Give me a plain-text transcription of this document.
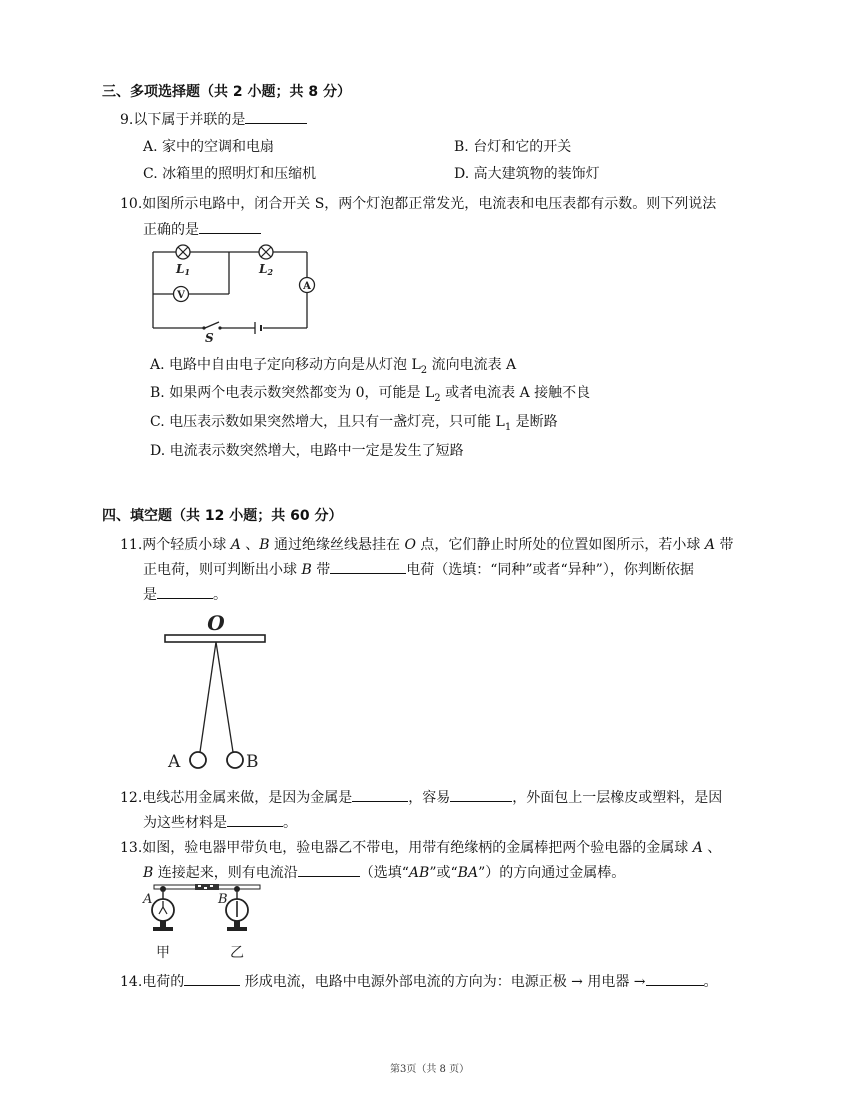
三、多项选择题（共 2 小题；共 8 分）
9.以下属于并联的是
A. 家中的空调和电扇	B. 台灯和它的开关
C. 冰箱里的照明灯和压缩机	D. 高大建筑物的装饰灯
10.如图所示电路中，闭合开关 S，两个灯泡都正常发光，电流表和电压表都有示数。则下列说法
正确的是
V
A
L1	L2
S
A. 电路中自由电子定向移动方向是从灯泡 $L_2$ 流向电流表 A
B. 如果两个电表示数突然都变为 0，可能是 $L_2$ 或者电流表 A 接触不良
C. 电压表示数如果突然增大，且只有一盏灯亮，只可能 $L_1$ 是断路
D. 电流表示数突然增大，电路中一定是发生了短路
四、填空题（共 12 小题；共 60 分）
11.两个轻质小球 A 、B 通过绝缘丝线悬挂在 O 点，它们静止时所处的位置如图所示，若小球 A 带
正电荷，则可判断出小球 B 带	电荷（选填：“同种”或者“异种”），你判断依据
是	。
O
A	B
12.电线芯用金属来做，是因为金属是	，容易	，外面包上一层橡皮或塑料，是因
为这些材料是	。
13.如图，验电器甲带负电，验电器乙不带电，用带有绝缘柄的金属棒把两个验电器的金属球 A 、
B 连接起来，则有电流沿	（选填“AB”或“BA”）的方向通过金属棒。
A	B
甲	乙
14.电荷的	形成电流，电路中电源外部电流的方向为：电源正极 → 用电器 →	。
第3页（共 8 页）
